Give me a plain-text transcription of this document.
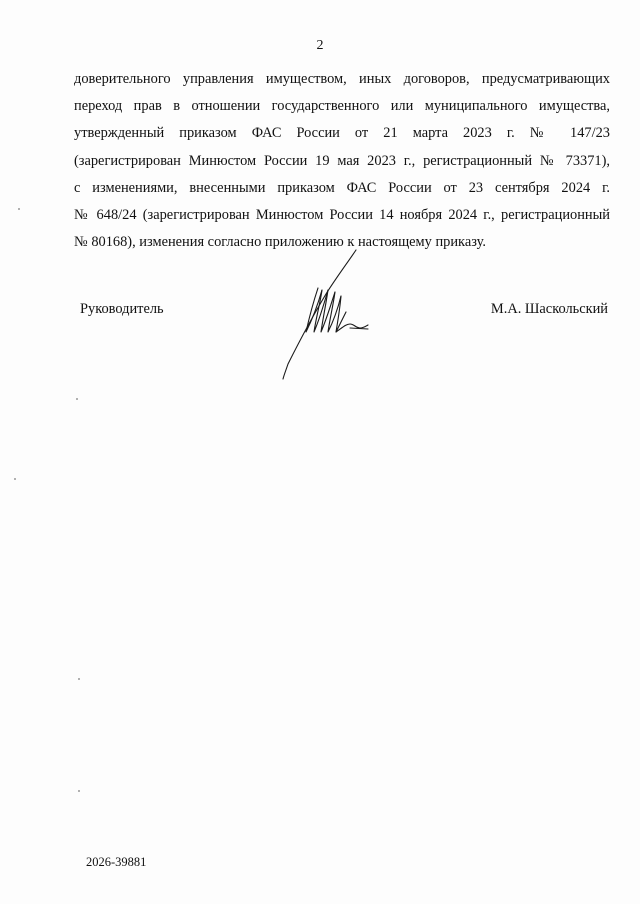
2
доверительного управления имуществом, иных договоров, предусматривающих
переход прав в отношении государственного или муниципального имущества,
утвержденный приказом ФАС России от 21 марта 2023 г. № 147/23
(зарегистрирован Минюстом России 19 мая 2023 г., регистрационный № 73371),
с изменениями, внесенными приказом ФАС России от 23 сентября 2024 г.
№ 648/24 (зарегистрирован Минюстом России 14 ноября 2024 г., регистрационный
№ 80168), изменения согласно приложению к настоящему приказу.
Руководитель	М.А. Шаскольский
2026-39881
